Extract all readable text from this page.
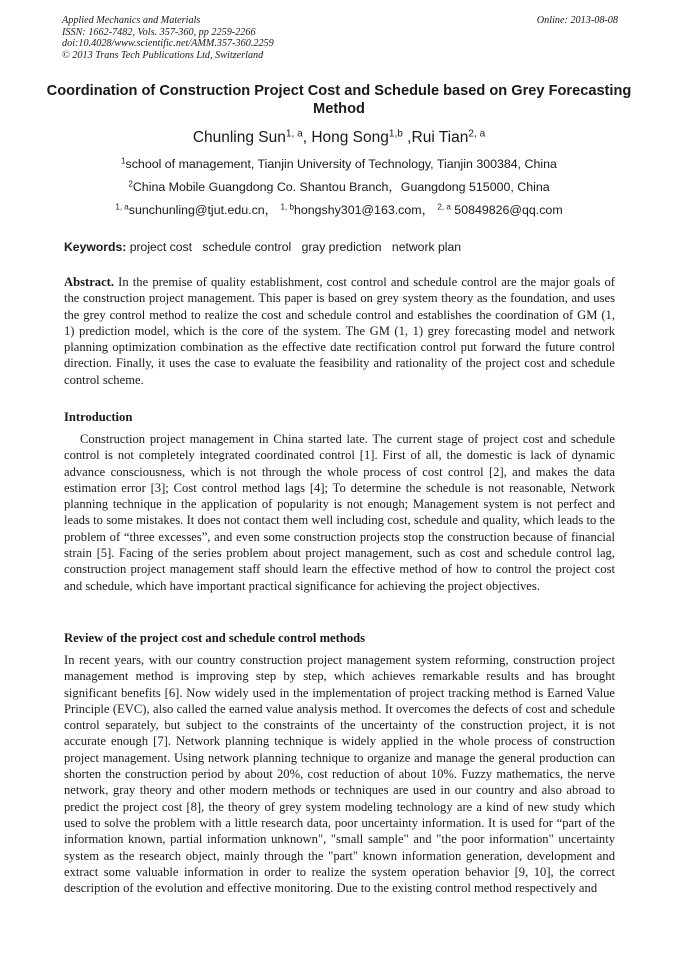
Applied Mechanics and Materials
ISSN: 1662-7482, Vols. 357-360, pp 2259-2266
doi:10.4028/www.scientific.net/AMM.357-360.2259
© 2013 Trans Tech Publications Ltd, Switzerland
Online: 2013-08-08
Coordination of Construction Project Cost and Schedule based on Grey Forecasting Method
Chunling Sun$^{1, a}$, Hong Song$^{1,b}$ ,Rui Tian$^{2, a}$
$^1$school of management, Tianjin University of Technology, Tianjin 300384, China
$^2$China Mobile Guangdong Co. Shantou Branch，Guangdong 515000, China
$^{1, a}$sunchunling@tjut.edu.cn， $^{1, b}$hongshy301@163.com， $^{2, a}$ 50849826@qq.com
Keywords: project cost schedule control gray prediction network plan

Abstract. In the premise of quality establishment, cost control and schedule control are the major goals of the construction project management. This paper is based on grey system theory as the foundation, and uses the grey control method to realize the cost and schedule control and establishes the coordination of GM (1, 1) prediction model, which is the core of the system. The GM (1, 1) grey forecasting model and network planning optimization combination as the effective date rectification control put forward the future control direction. Finally, it uses the case to evaluate the feasibility and rationality of the project cost and schedule control scheme.

Introduction

Construction project management in China started late. The current stage of project cost and schedule control is not completely integrated coordinated control [1]. First of all, the domestic is lack of dynamic advance consciousness, which is not through the whole process of cost control [2], and makes the data estimation error [3]; Cost control method lags [4]; To determine the schedule is not reasonable, Network planning technique in the application of popularity is not enough; Management system is not perfect and leads to some mistakes. It does not contact them well including cost, schedule and quality, which leads to the problem of “three excesses”, and even some construction projects stop the construction because of financial strain [5]. Facing of the series problem about project management, such as cost and schedule control lag, construction project management staff should learn the effective method of how to control the project cost and schedule, which have important practical significance for achieving the project objectives.

Review of the project cost and schedule control methods

In recent years, with our country construction project management system reforming, construction project management method is improving step by step, which achieves remarkable results and has brought significant benefits [6]. Now widely used in the implementation of project tracking method is Earned Value Principle (EVC), also called the earned value analysis method. It overcomes the defects of cost and schedule control separately, but subject to the constraints of the uncertainty of the construction project, it is not accurate enough [7]. Network planning technique is widely applied in the whole process of construction project management. Using network planning technique to organize and manage the general production can shorten the construction period by about 20%, cost reduction of about 10%. Fuzzy mathematics, the nerve network, gray theory and other modern methods or techniques are used in our country and also abroad to predict the project cost [8], the theory of grey system modeling technology are a kind of new study which used to solve the problem with a little research data, poor uncertainty information. It is used for “part of the information known, partial information unknown", "small sample" and "the poor information" uncertainty system as the research object, mainly through the "part" known information generation, development and extract some valuable information in order to realize the system operation behavior [9, 10], the correct description of the evolution and effective monitoring. Due to the existing control method respectively and
